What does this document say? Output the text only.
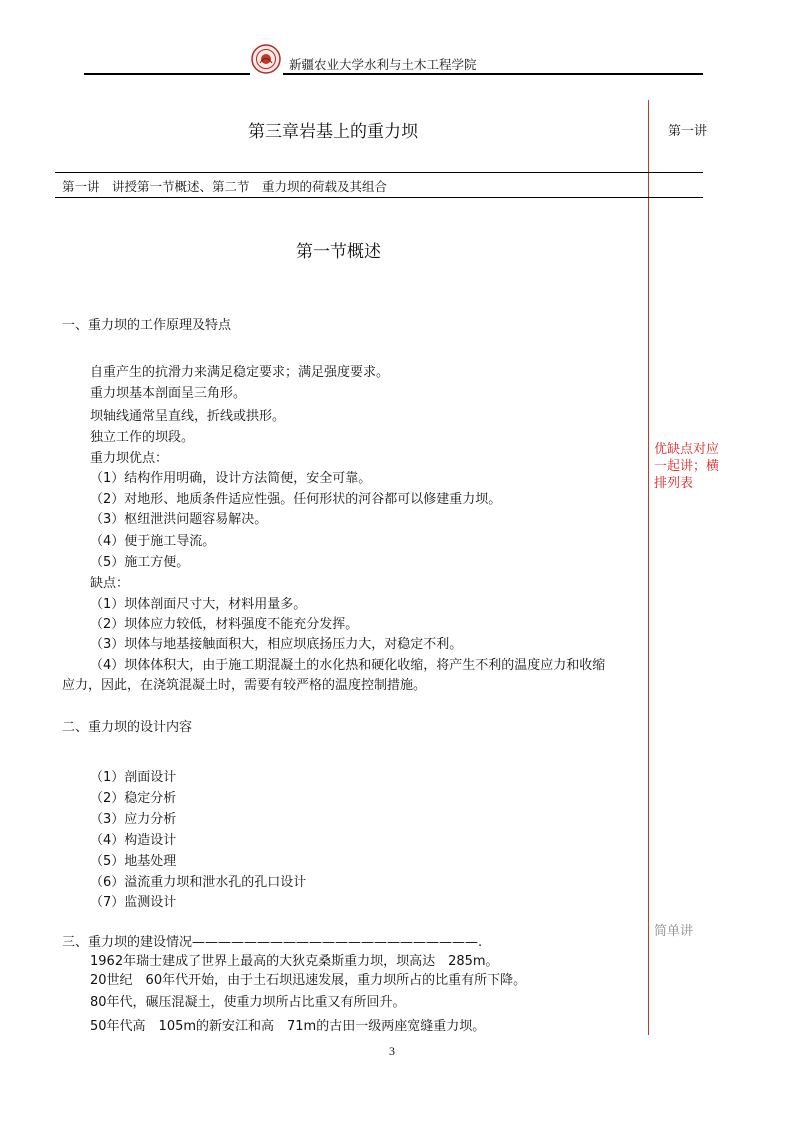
新疆农业大学水利与土木工程学院
第三章岩基上的重力坝	第一讲
第一讲　讲授第一节概述、第二节　重力坝的荷载及其组合
第一节概述
一、重力坝的工作原理及特点
自重产生的抗滑力来满足稳定要求；满足强度要求。
重力坝基本剖面呈三角形。
坝轴线通常呈直线，折线或拱形。
独立工作的坝段。
重力坝优点：
（1）结构作用明确，设计方法简便，安全可靠。
（2）对地形、地质条件适应性强。任何形状的河谷都可以修建重力坝。
（3）枢纽泄洪问题容易解决。
（4）便于施工导流。
（5）施工方便。
缺点：
（1）坝体剖面尺寸大，材料用量多。
（2）坝体应力较低，材料强度不能充分发挥。
（3）坝体与地基接触面积大，相应坝底扬压力大，对稳定不利。
（4）坝体体积大，由于施工期混凝土的水化热和硬化收缩，将产生不利的温度应力和收缩
应力，因此，在浇筑混凝土时，需要有较严格的温度控制措施。
优缺点对应
一起讲；横
排列表
二、重力坝的设计内容
（1）剖面设计
（2）稳定分析
（3）应力分析
（4）构造设计
（5）地基处理
（6）溢流重力坝和泄水孔的孔口设计
（7）监测设计
简单讲
三、重力坝的建设情况——————————————————————.
1962年瑞士建成了世界上最高的大狄克桑斯重力坝，坝高达　285m。
20世纪　60年代开始，由于土石坝迅速发展，重力坝所占的比重有所下降。
80年代，碾压混凝土，使重力坝所占比重又有所回升。
50年代高　105m的新安江和高　71m的古田一级两座宽缝重力坝。
3
